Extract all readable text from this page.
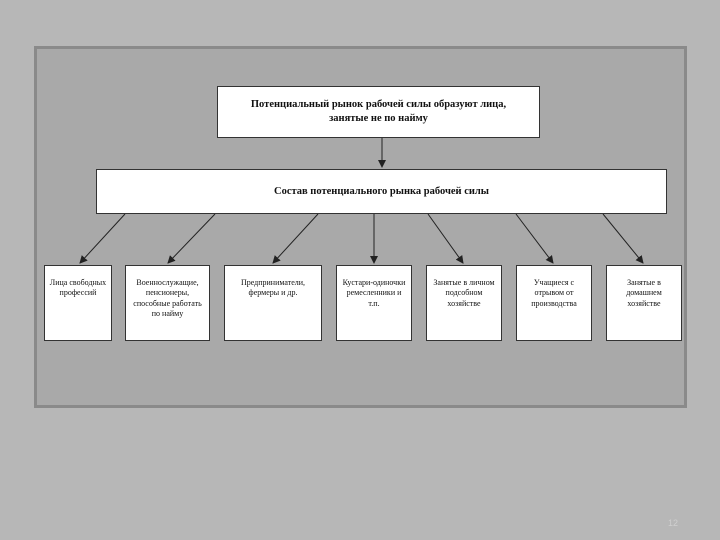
Потенциальный рынок рабочей силы образуют лица, занятые не по найму
Состав потенциального рынка рабочей силы
Лица свободных профессий
Военнослужащие, пенсионеры, способные работать по найму
Предприниматели, фермеры и др.
Кустари-одиночки ремесленники и т.п.
Занятые в личном подсобном хозяйстве
Учащиеся с отрывом от производства
Занятые в домашнем хозяйстве
12
